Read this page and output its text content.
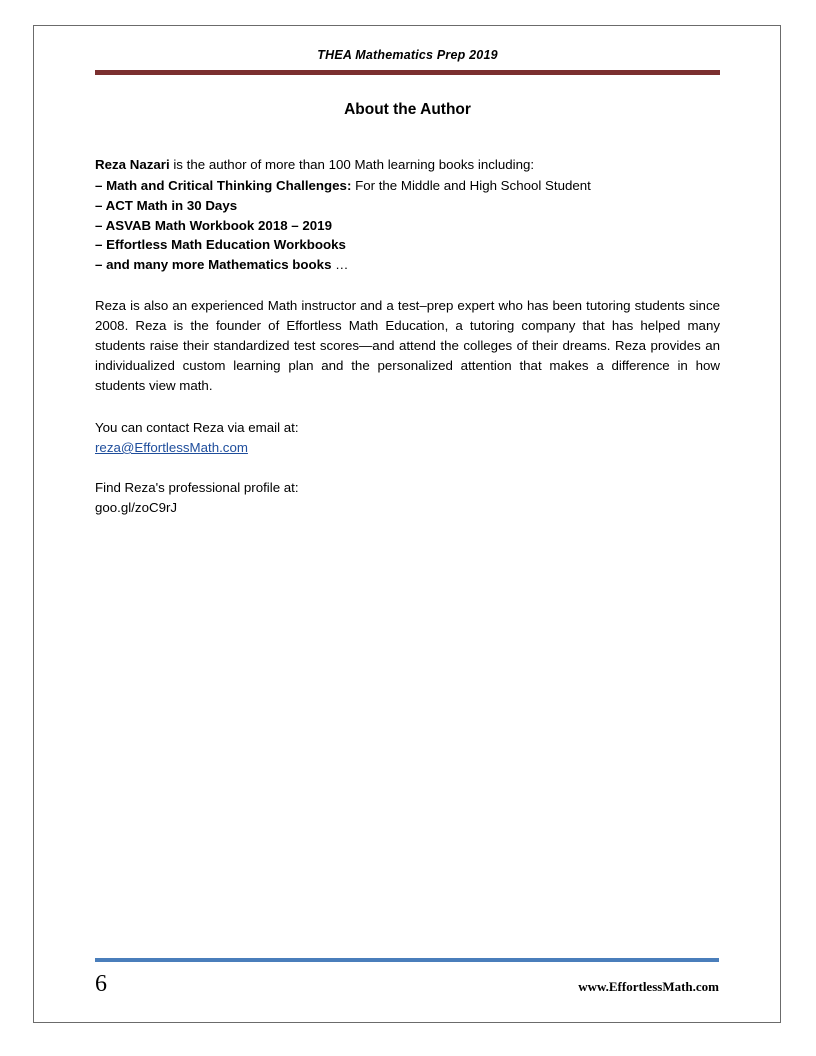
THEA Mathematics Prep 2019
About the Author

Reza Nazari is the author of more than 100 Math learning books including:

– Math and Critical Thinking Challenges: For the Middle and High School Student

– ACT Math in 30 Days

– ASVAB Math Workbook 2018 – 2019

– Effortless Math Education Workbooks

– and many more Mathematics books …

Reza is also an experienced Math instructor and a test–prep expert who has been tutoring students since 2008. Reza is the founder of Effortless Math Education, a tutoring company that has helped many students raise their standardized test scores—and attend the colleges of their dreams. Reza provides an individualized custom learning plan and the personalized attention that makes a difference in how students view math.

You can contact Reza via email at:
reza@EffortlessMath.com
Find Reza's professional profile at:
goo.gl/zoC9rJ
6	www.EffortlessMath.com
